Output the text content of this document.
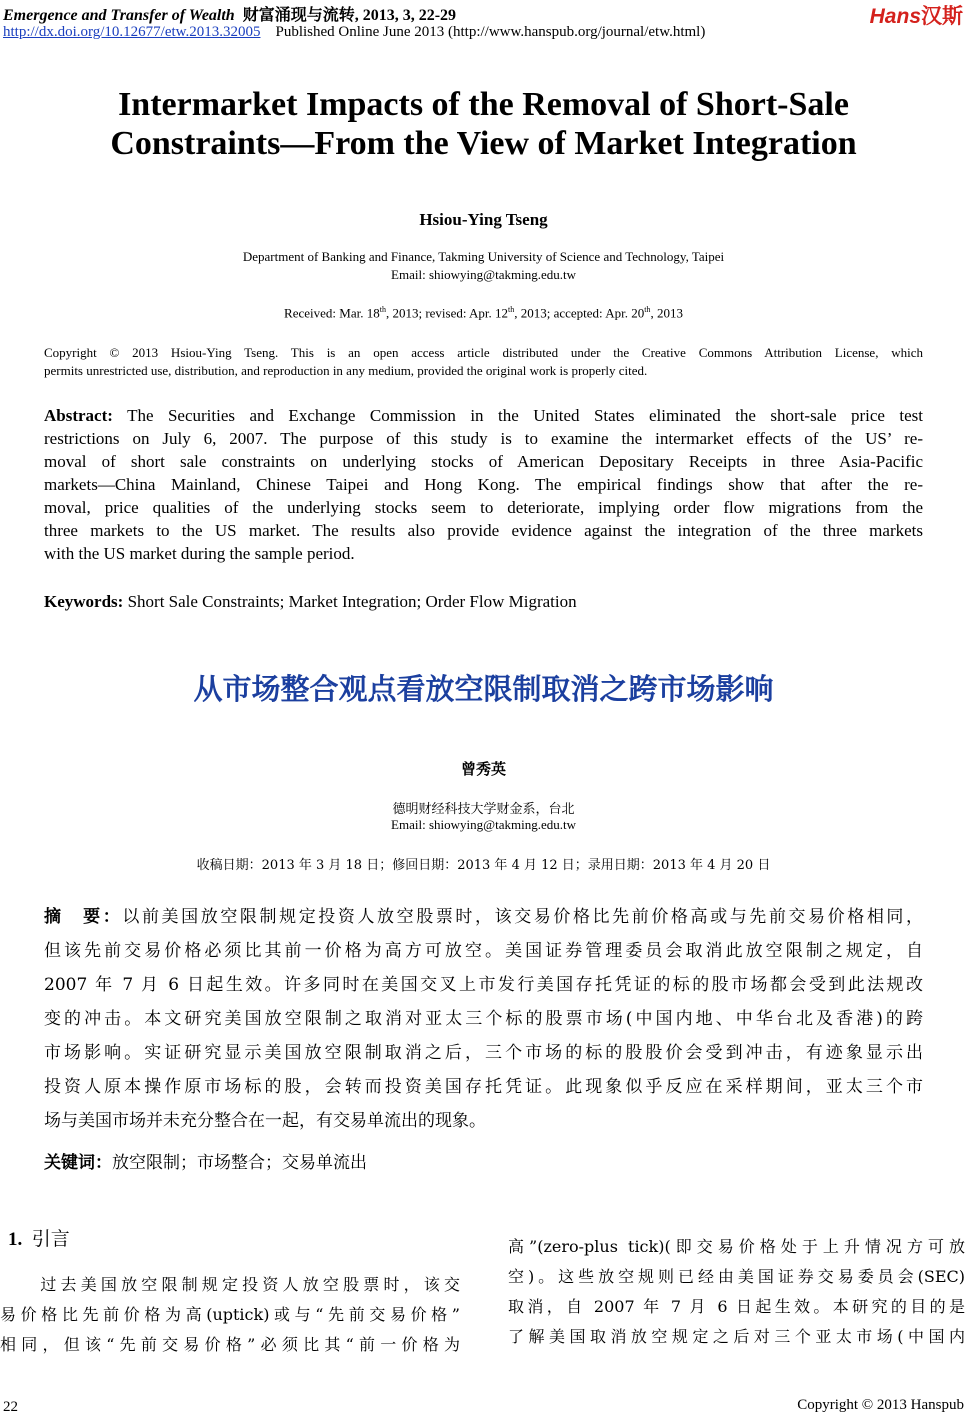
Emergence and Transfer of Wealth 财富涌现与流转, 2013, 3, 22-29
http://dx.doi.org/10.12677/etw.2013.32005 Published Online June 2013 (http://www.hanspub.org/journal/etw.html)
Hans汉斯
Intermarket Impacts of the Removal of Short-Sale
Constraints—From the View of Market Integration
Hsiou-Ying Tseng
Department of Banking and Finance, Takming University of Science and Technology, Taipei
Email: shiowying@takming.edu.tw
Received: Mar. 18th, 2013; revised: Apr. 12th, 2013; accepted: Apr. 20th, 2013
Copyright © 2013 Hsiou-Ying Tseng. This is an open access article distributed under the Creative Commons Attribution License, which
permits unrestricted use, distribution, and reproduction in any medium, provided the original work is properly cited.
Abstract: The Securities and Exchange Commission in the United States eliminated the short-sale price test
restrictions on July 6, 2007. The purpose of this study is to examine the intermarket effects of the US’ re-
moval of short sale constraints on underlying stocks of American Depositary Receipts in three Asia-Pacific
markets—China Mainland, Chinese Taipei and Hong Kong. The empirical findings show that after the re-
moval, price qualities of the underlying stocks seem to deteriorate, implying order flow migrations from the
three markets to the US market. The results also provide evidence against the integration of the three markets
with the US market during the sample period.
Keywords: Short Sale Constraints; Market Integration; Order Flow Migration
从市场整合观点看放空限制取消之跨市场影响
曾秀英
德明财经科技大学财金系，台北
Email: shiowying@takming.edu.tw
收稿日期：2013 年 3 月 18 日；修回日期：2013 年 4 月 12 日；录用日期：2013 年 4 月 20 日
摘　要：以前美国放空限制规定投资人放空股票时，该交易价格比先前价格高或与先前交易价格相同，
但该先前交易价格必须比其前一价格为高方可放空。美国证券管理委员会取消此放空限制之规定，自
2007 年 7 月 6 日起生效。许多同时在美国交叉上市发行美国存托凭证的标的股市场都会受到此法规改
变的冲击。本文研究美国放空限制之取消对亚太三个标的股票市场(中国内地、中华台北及香港)的跨
市场影响。实证研究显示美国放空限制取消之后，三个市场的标的股股价会受到冲击，有迹象显示出
投资人原本操作原市场标的股，会转而投资美国存托凭证。此现象似乎反应在采样期间，亚太三个市
场与美国市场并未充分整合在一起，有交易单流出的现象。
关键词：放空限制；市场整合；交易单流出
1. 引言
　　过去美国放空限制规定投资人放空股票时，该交
易价格比先前价格为高(uptick)或与“先前交易价格”
相同，但该“先前交易价格”必须比其“前一价格为
高”(zero-plus tick)(即交易价格处于上升情况方可放
空)。这些放空规则已经由美国证券交易委员会(SEC)
取消，自 2007 年 7 月 6 日起生效。本研究的目的是
了解美国取消放空规定之后对三个亚太市场(中国内
22	Copyright © 2013 Hanspub
